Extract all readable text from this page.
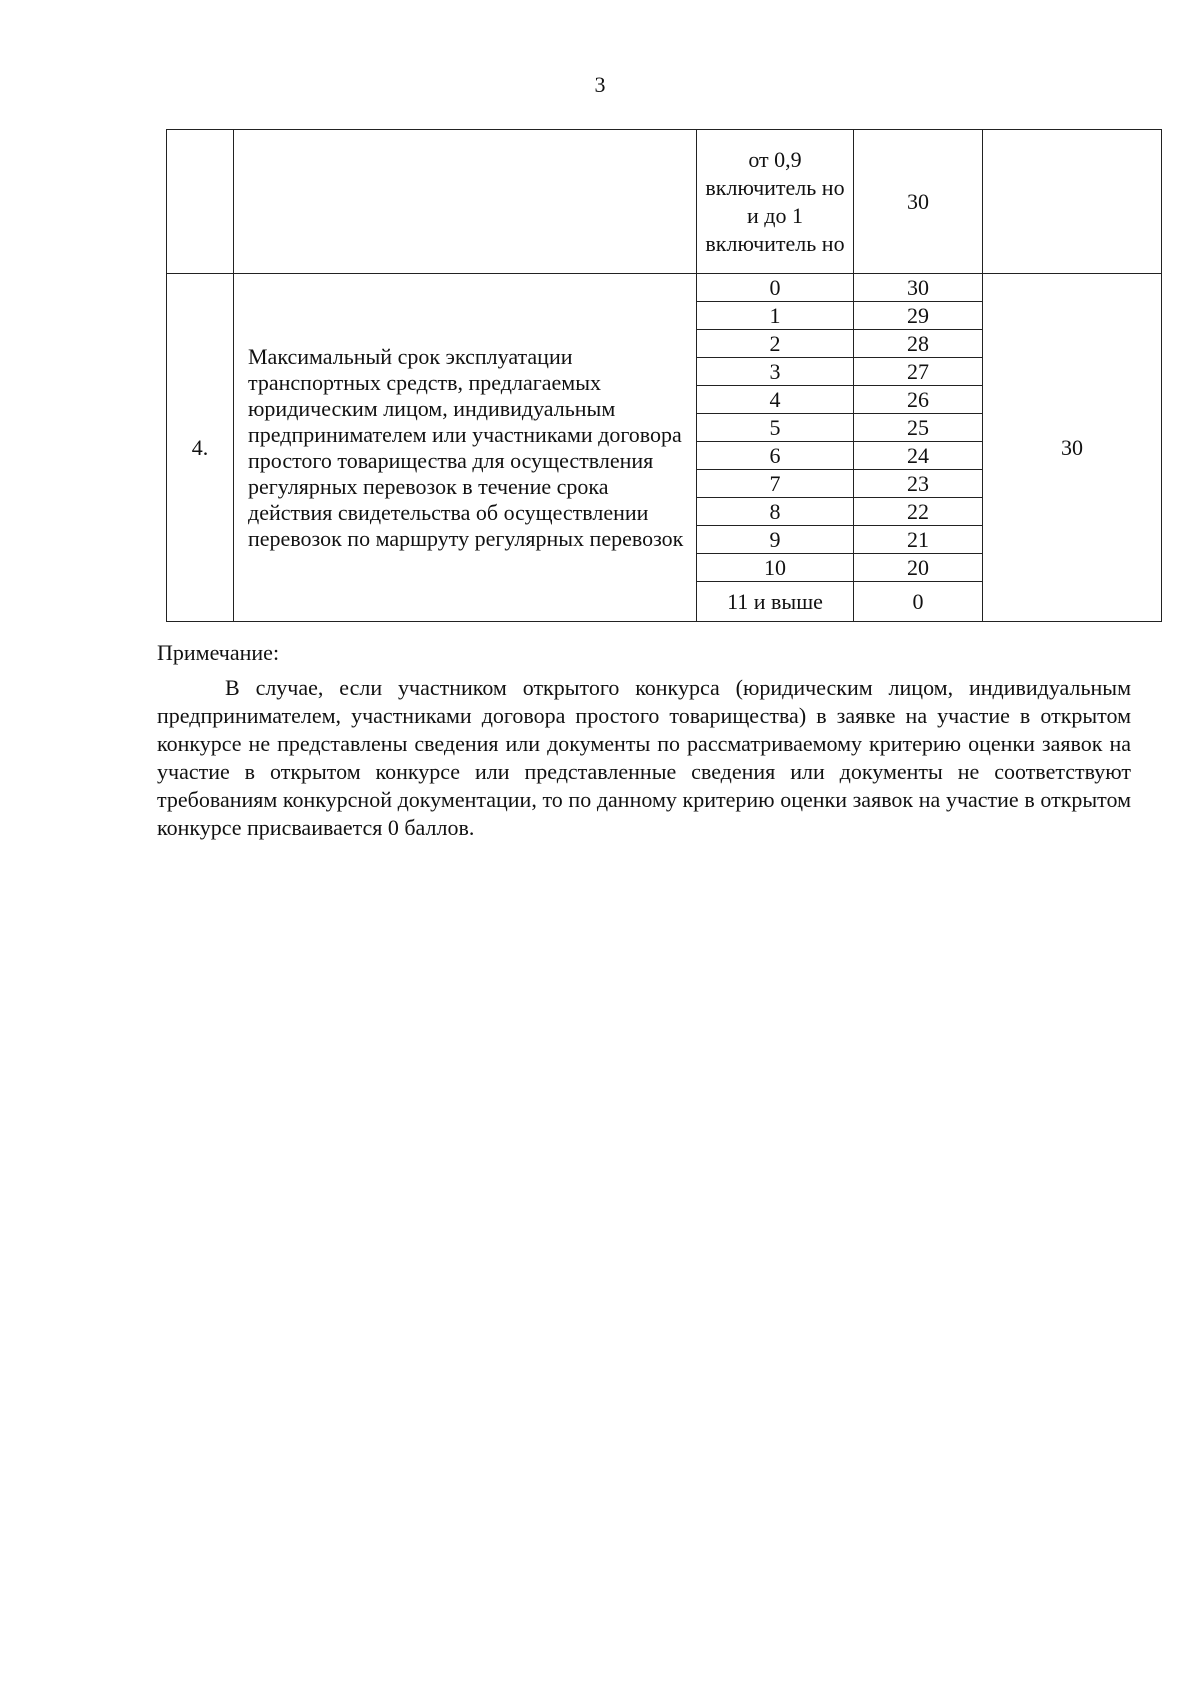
3
		от 0,9 включитель но и до 1 включитель но	30	
4.	Максимальный срок эксплуатации транспортных средств, предлагаемых юридическим лицом, индивидуальным предпринимателем или участниками договора простого товарищества для осуществления регулярных перевозок в течение срока действия свидетельства об осуществлении перевозок по маршруту регулярных перевозок	0	30	30
		1	29	
		2	28	
		3	27	
		4	26	
		5	25	
		6	24	
		7	23	
		8	22	
		9	21	
		10	20	
		11 и выше	0	
Примечание:
В случае, если участником открытого конкурса (юридическим лицом, индивидуальным предпринимателем, участниками договора простого товарищества) в заявке на участие в открытом конкурсе не представлены сведения или документы по рассматриваемому критерию оценки заявок на участие в открытом конкурсе или представленные сведения или документы не соответствуют требованиям конкурсной документации, то по данному критерию оценки заявок на участие в открытом конкурсе присваивается 0 баллов.
